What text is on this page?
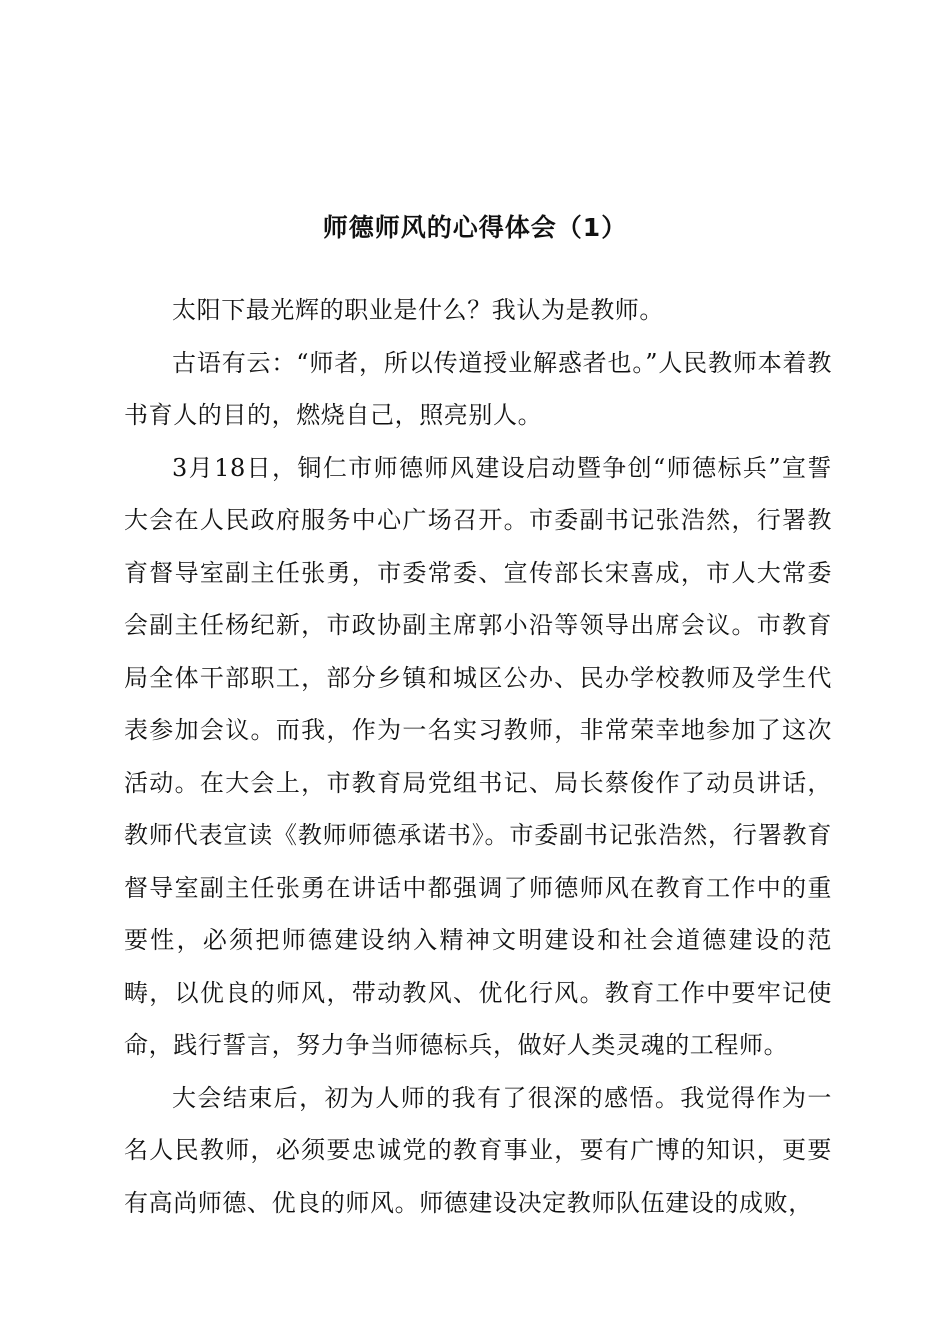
师德师风的心得体会（1）

太阳下最光辉的职业是什么？我认为是教师。

古语有云：“师者，所以传道授业解惑者也。”人民教师本着教书育人的目的，燃烧自己，照亮别人。

3月18日，铜仁市师德师风建设启动暨争创“师德标兵”宣誓大会在人民政府服务中心广场召开。市委副书记张浩然，行署教育督导室副主任张勇，市委常委、宣传部长宋喜成，市人大常委会副主任杨纪新，市政协副主席郭小沿等领导出席会议。市教育局全体干部职工，部分乡镇和城区公办、民办学校教师及学生代表参加会议。而我，作为一名实习教师，非常荣幸地参加了这次活动。在大会上，市教育局党组书记、局长蔡俊作了动员讲话，教师代表宣读《教师师德承诺书》。市委副书记张浩然，行署教育督导室副主任张勇在讲话中都强调了师德师风在教育工作中的重要性，必须把师德建设纳入精神文明建设和社会道德建设的范畴，以优良的师风，带动教风、优化行风。教育工作中要牢记使命，践行誓言，努力争当师德标兵，做好人类灵魂的工程师。

大会结束后，初为人师的我有了很深的感悟。我觉得作为一名人民教师，必须要忠诚党的教育事业，要有广博的知识，更要有高尚师德、优良的师风。师德建设决定教师队伍建设的成败，
